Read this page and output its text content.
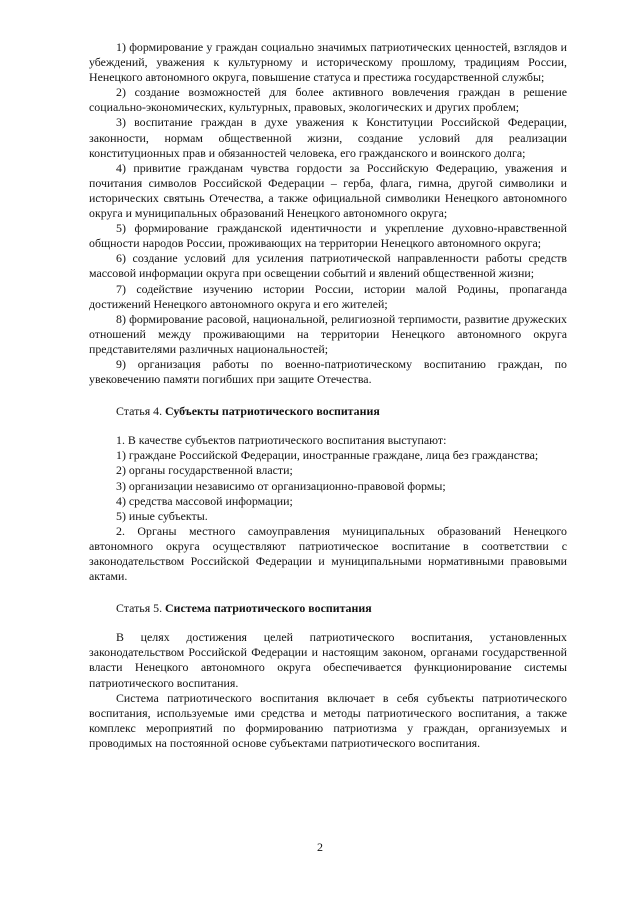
1) формирование у граждан социально значимых патриотических ценностей, взглядов и убеждений, уважения к культурному и историческому прошлому, традициям России, Ненецкого автономного округа, повышение статуса и престижа государственной службы;

2) создание возможностей для более активного вовлечения граждан в решение социально-экономических, культурных, правовых, экологических и других проблем;

3) воспитание граждан в духе уважения к Конституции Российской Федерации, законности, нормам общественной жизни, создание условий для реализации конституционных прав и обязанностей человека, его гражданского и воинского долга;

4) привитие гражданам чувства гордости за Российскую Федерацию, уважения и почитания символов Российской Федерации – герба, флага, гимна, другой символики и исторических святынь Отечества, а также официальной символики Ненецкого автономного округа и муниципальных образований Ненецкого автономного округа;

5) формирование гражданской идентичности и укрепление духовно-нравственной общности народов России, проживающих на территории Ненецкого автономного округа;

6) создание условий для усиления патриотической направленности работы средств массовой информации округа при освещении событий и явлений общественной жизни;

7) содействие изучению истории России, истории малой Родины, пропаганда достижений Ненецкого автономного округа и его жителей;

8) формирование расовой, национальной, религиозной терпимости, развитие дружеских отношений между проживающими на территории Ненецкого автономного округа представителями различных национальностей;

9) организация работы по военно-патриотическому воспитанию граждан, по увековечению памяти погибших при защите Отечества.

Статья 4. Субъекты патриотического воспитания

1. В качестве субъектов патриотического воспитания выступают:

1) граждане Российской Федерации, иностранные граждане, лица без гражданства;

2) органы государственной власти;

3) организации независимо от организационно-правовой формы;

4) средства массовой информации;

5) иные субъекты.

2. Органы местного самоуправления муниципальных образований Ненецкого автономного округа осуществляют патриотическое воспитание в соответствии с законодательством Российской Федерации и муниципальными нормативными правовыми актами.

Статья 5. Система патриотического воспитания

В целях достижения целей патриотического воспитания, установленных законодательством Российской Федерации и настоящим законом, органами государственной власти Ненецкого автономного округа обеспечивается функционирование системы патриотического воспитания.

Система патриотического воспитания включает в себя субъекты патриотического воспитания, используемые ими средства и методы патриотического воспитания, а также комплекс мероприятий по формированию патриотизма у граждан, организуемых и проводимых на постоянной основе субъектами патриотического воспитания.

2
